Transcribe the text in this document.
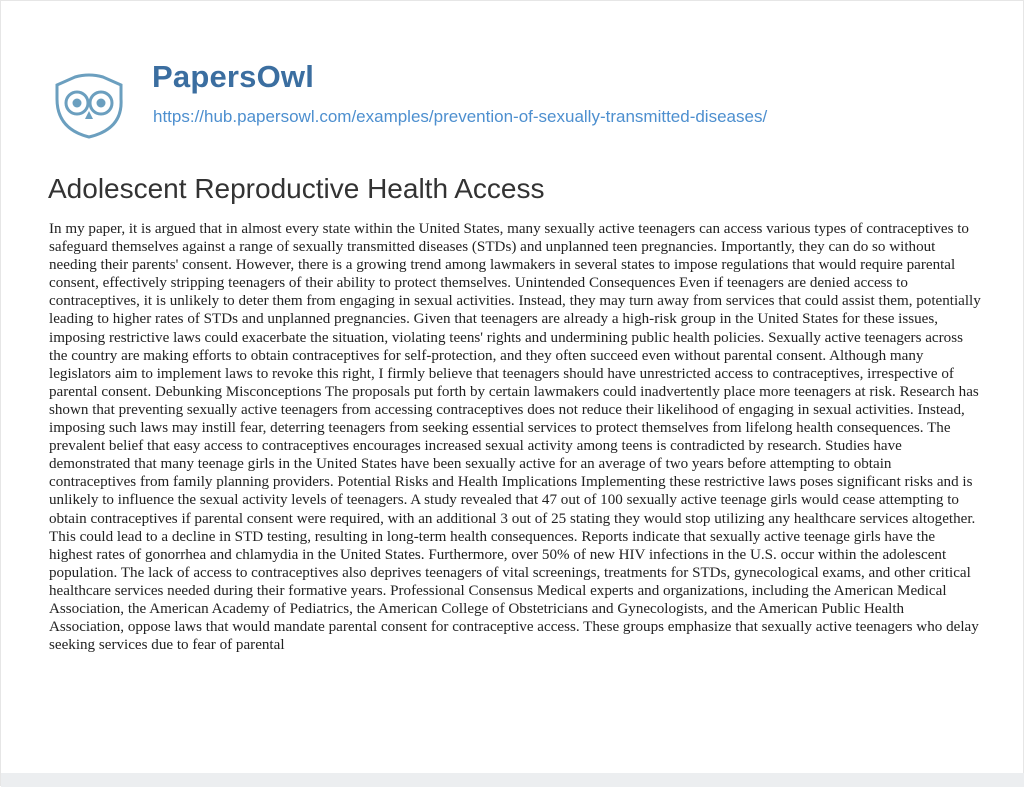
PapersOwl
https://hub.papersowl.com/examples/prevention-of-sexually-transmitted-diseases/
Adolescent Reproductive Health Access

In my paper, it is argued that in almost every state within the United States, many sexually active teenagers can access various types of contraceptives to safeguard themselves against a range of sexually transmitted diseases (STDs) and unplanned teen pregnancies. Importantly, they can do so without needing their parents' consent. However, there is a growing trend among lawmakers in several states to impose regulations that would require parental consent, effectively stripping teenagers of their ability to protect themselves. Unintended Consequences Even if teenagers are denied access to contraceptives, it is unlikely to deter them from engaging in sexual activities. Instead, they may turn away from services that could assist them, potentially leading to higher rates of STDs and unplanned pregnancies. Given that teenagers are already a high-risk group in the United States for these issues, imposing restrictive laws could exacerbate the situation, violating teens' rights and undermining public health policies. Sexually active teenagers across the country are making efforts to obtain contraceptives for self-protection, and they often succeed even without parental consent. Although many legislators aim to implement laws to revoke this right, I firmly believe that teenagers should have unrestricted access to contraceptives, irrespective of parental consent. Debunking Misconceptions The proposals put forth by certain lawmakers could inadvertently place more teenagers at risk. Research has shown that preventing sexually active teenagers from accessing contraceptives does not reduce their likelihood of engaging in sexual activities. Instead, imposing such laws may instill fear, deterring teenagers from seeking essential services to protect themselves from lifelong health consequences. The prevalent belief that easy access to contraceptives encourages increased sexual activity among teens is contradicted by research. Studies have demonstrated that many teenage girls in the United States have been sexually active for an average of two years before attempting to obtain contraceptives from family planning providers. Potential Risks and Health Implications Implementing these restrictive laws poses significant risks and is unlikely to influence the sexual activity levels of teenagers. A study revealed that 47 out of 100 sexually active teenage girls would cease attempting to obtain contraceptives if parental consent were required, with an additional 3 out of 25 stating they would stop utilizing any healthcare services altogether. This could lead to a decline in STD testing, resulting in long-term health consequences. Reports indicate that sexually active teenage girls have the highest rates of gonorrhea and chlamydia in the United States. Furthermore, over 50% of new HIV infections in the U.S. occur within the adolescent population. The lack of access to contraceptives also deprives teenagers of vital screenings, treatments for STDs, gynecological exams, and other critical healthcare services needed during their formative years. Professional Consensus Medical experts and organizations, including the American Medical Association, the American Academy of Pediatrics, the American College of Obstetricians and Gynecologists, and the American Public Health Association, oppose laws that would mandate parental consent for contraceptive access. These groups emphasize that sexually active teenagers who delay seeking services due to fear of parental
